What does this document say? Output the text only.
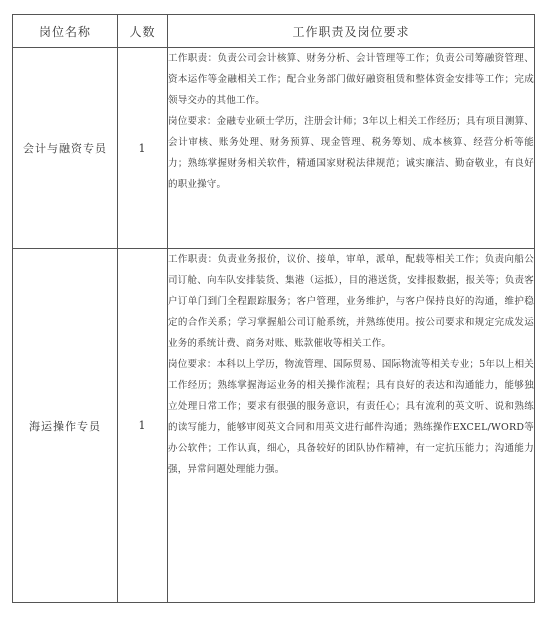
岗位名称	人数	工作职责及岗位要求
会计与融资专员	1	工作职责：负责公司会计核算、财务分析、会计管理等工作；负责公司筹融资管理、资本运作等金融相关工作；配合业务部门做好融资租赁和整体资金安排等工作；完成领导交办的其他工作。

岗位要求：金融专业硕士学历，注册会计师；3年以上相关工作经历；具有项目测算、会计审核、账务处理、财务预算、现金管理、税务筹划、成本核算、经营分析等能力；熟练掌握财务相关软件，精通国家财税法律规范；诚实廉洁、勤奋敬业，有良好的职业操守。

海运操作专员	1	工作职责：负责业务报价，议价、接单，审单，派单，配载等相关工作；负责向船公司订舱、向车队安排装货、集港（运抵），目的港送货，安排报数据，报关等；负责客户订单门到门全程跟踪服务；客户管理，业务维护，与客户保持良好的沟通，维护稳定的合作关系；学习掌握船公司订舱系统，并熟练使用。按公司要求和规定完成发运业务的系统计费、商务对账、账款催收等相关工作。

岗位要求：本科以上学历，物流管理、国际贸易、国际物流等相关专业；5年以上相关工作经历；熟练掌握海运业务的相关操作流程；具有良好的表达和沟通能力，能够独立处理日常工作；要求有很强的服务意识，有责任心；具有流利的英文听、说和熟练的读写能力，能够审阅英文合同和用英文进行邮件沟通；熟练操作EXCEL/WORD等办公软件；工作认真，细心，具备较好的团队协作精神，有一定抗压能力；沟通能力强，异常问题处理能力强。
